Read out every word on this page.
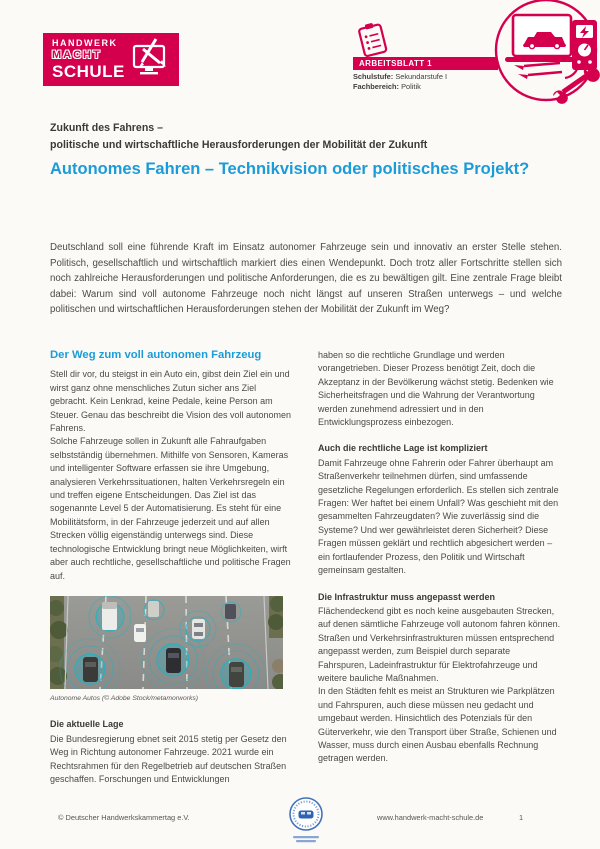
HANDWERK
MACHT
SCHULE	ARBEITSBLATT 1
Schulstufe: Sekundarstufe I
Fachbereich: Politik
Zukunft des Fahrens –
politische und wirtschaftliche Herausforderungen der Mobilität der Zukunft
Autonomes Fahren – Technikvision oder politisches Projekt?

Deutschland soll eine führende Kraft im Einsatz autonomer Fahrzeuge sein und innovativ an erster Stelle stehen. Politisch, gesellschaftlich und wirtschaftlich markiert dies einen Wendepunkt. Doch trotz aller Fortschritte stellen sich noch zahlreiche Herausforderungen und politische Anforderungen, die es zu bewältigen gilt. Eine zentrale Frage bleibt dabei: Warum sind voll autonome Fahrzeuge noch nicht längst auf unseren Straßen unterwegs – und welche politischen und wirtschaftlichen Herausforderungen stehen der Mobilität der Zukunft im Weg?

Der Weg zum voll autonomen Fahrzeug

Stell dir vor, du steigst in ein Auto ein, gibst dein Ziel ein und wirst ganz ohne menschliches Zutun sicher ans Ziel gebracht. Kein Lenkrad, keine Pedale, keine Person am Steuer. Genau das beschreibt die Vision des voll autonomen Fahrens.

Solche Fahrzeuge sollen in Zukunft alle Fahraufgaben selbstständig übernehmen. Mithilfe von Sensoren, Kameras und intelligenter Software erfassen sie ihre Umgebung, analysieren Verkehrssituationen, halten Verkehrsregeln ein und treffen eigene Entscheidungen. Das Ziel ist das sogenannte Level 5 der Automatisierung. Es steht für eine Mobilitätsform, in der Fahrzeuge jederzeit und auf allen Strecken völlig eigenständig unterwegs sind. Diese technologische Entwicklung bringt neue Möglichkeiten, wirft aber auch rechtliche, gesellschaftliche und politische Fragen auf.

Autonome Autos (© Adobe Stock/metamorworks)
Die aktuelle Lage

Die Bundesregierung ebnet seit 2015 stetig per Gesetz den Weg in Richtung autonomer Fahrzeuge. 2021 wurde ein Rechtsrahmen für den Regelbetrieb auf deutschen Straßen geschaffen. Forschungen und Entwicklungen

haben so die rechtliche Grundlage und werden vorangetrieben. Dieser Prozess benötigt Zeit, doch die Akzeptanz in der Bevölkerung wächst stetig. Bedenken wie Sicherheitsfragen und die Wahrung der Verantwortung werden zunehmend adressiert und in den Entwicklungsprozess einbezogen.

Auch die rechtliche Lage ist kompliziert

Damit Fahrzeuge ohne Fahrerin oder Fahrer überhaupt am Straßenverkehr teilnehmen dürfen, sind umfassende gesetzliche Regelungen erforderlich. Es stellen sich zentrale Fragen: Wer haftet bei einem Unfall? Was geschieht mit den gesammelten Fahrzeugdaten? Wie zuverlässig sind die Systeme? Und wer gewährleistet deren Sicherheit? Diese Fragen müssen geklärt und rechtlich abgesichert werden – ein fortlaufender Prozess, den Politik und Wirtschaft gemeinsam gestalten.

Die Infrastruktur muss angepasst werden

Flächendeckend gibt es noch keine ausgebauten Strecken, auf denen sämtliche Fahrzeuge voll autonom fahren können. Straßen und Verkehrsinfrastrukturen müssen entsprechend angepasst werden, zum Beispiel durch separate Fahrspuren, Ladeinfrastruktur für Elektrofahrzeuge und weitere bauliche Maßnahmen.

In den Städten fehlt es meist an Strukturen wie Parkplätzen und Fahrspuren, auch diese müssen neu gedacht und umgebaut werden. Hinsichtlich des Potenzials für den Güterverkehr, wie den Transport über Straße, Schienen und Wasser, muss durch einen Ausbau ebenfalls Rechnung getragen werden.

© Deutscher Handwerkskammertag e.V.	www.handwerk-macht-schule.de	1
